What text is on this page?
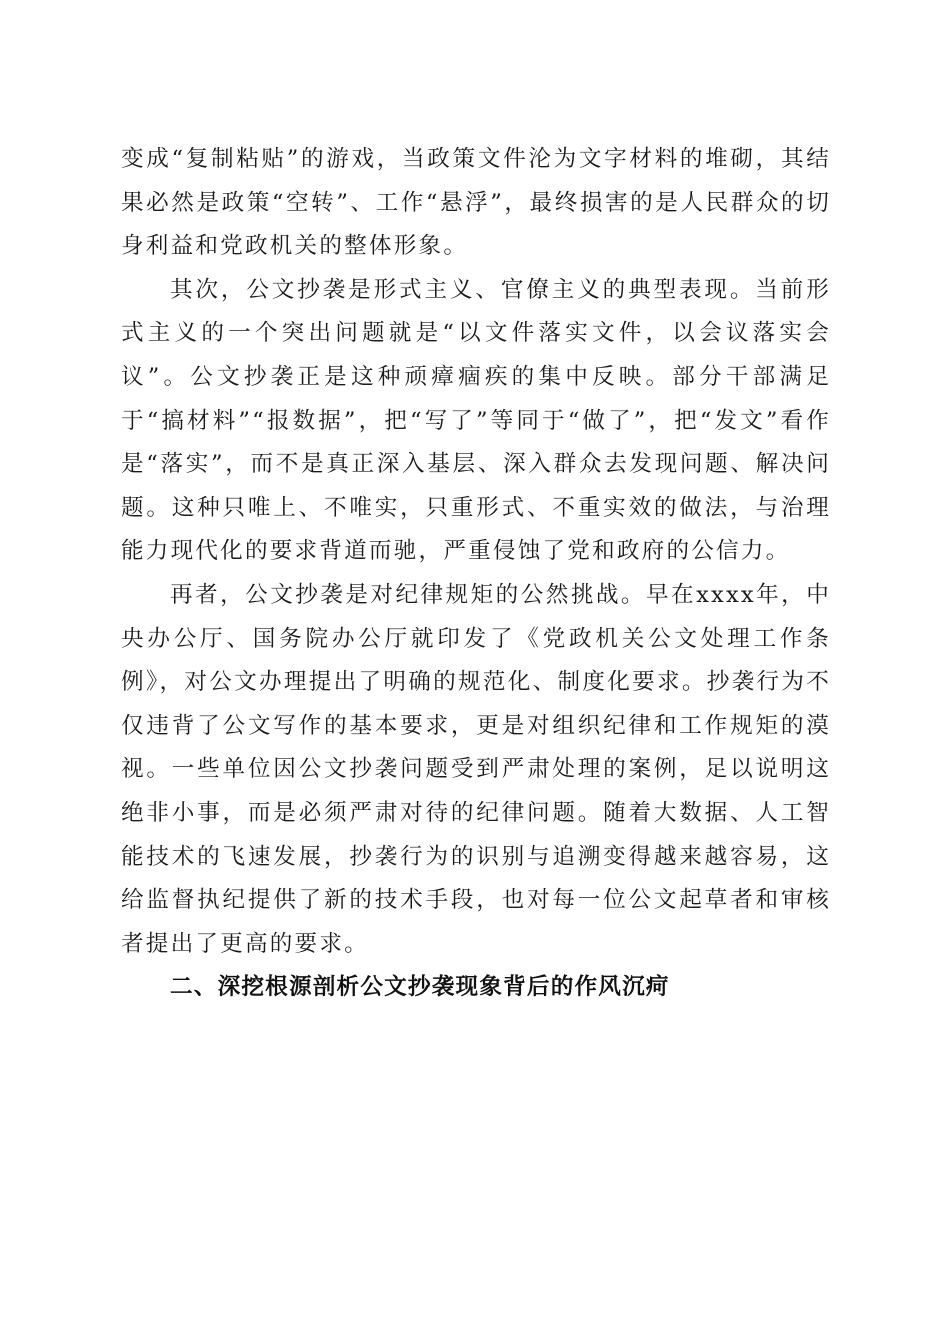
变成“复制粘贴”的游戏，当政策文件沦为文字材料的堆砌，其结果必然是政策“空转”、工作“悬浮”，最终损害的是人民群众的切身利益和党政机关的整体形象。

其次，公文抄袭是形式主义、官僚主义的典型表现。当前形式主义的一个突出问题就是“以文件落实文件，以会议落实会议”。公文抄袭正是这种顽瘴痼疾的集中反映。部分干部满足于“搞材料”“报数据”，把“写了”等同于“做了”，把“发文”看作是“落实”，而不是真正深入基层、深入群众去发现问题、解决问题。这种只唯上、不唯实，只重形式、不重实效的做法，与治理能力现代化的要求背道而驰，严重侵蚀了党和政府的公信力。

再者，公文抄袭是对纪律规矩的公然挑战。早在xxxx年，中央办公厅、国务院办公厅就印发了《党政机关公文处理工作条例》，对公文办理提出了明确的规范化、制度化要求。抄袭行为不仅违背了公文写作的基本要求，更是对组织纪律和工作规矩的漠视。一些单位因公文抄袭问题受到严肃处理的案例，足以说明这绝非小事，而是必须严肃对待的纪律问题。随着大数据、人工智能技术的飞速发展，抄袭行为的识别与追溯变得越来越容易，这给监督执纪提供了新的技术手段，也对每一位公文起草者和审核者提出了更高的要求。

二、深挖根源剖析公文抄袭现象背后的作风沉疴
